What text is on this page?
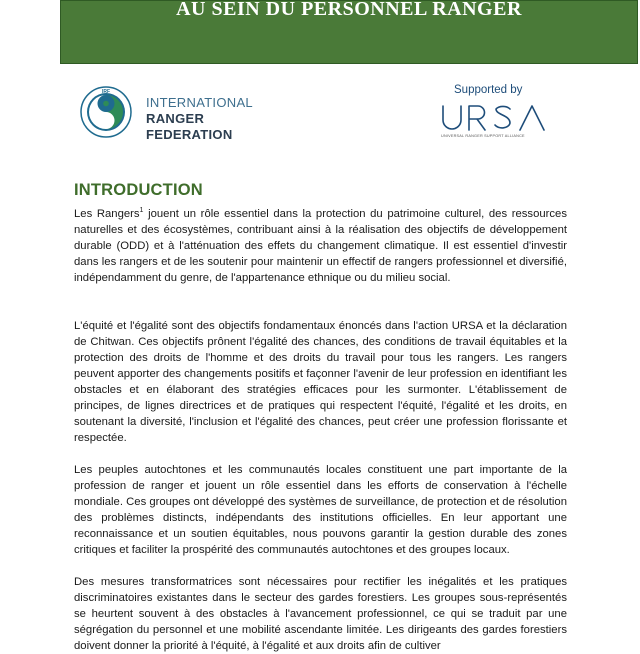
AU SEIN DU PERSONNEL RANGER
IRF
INTERNATIONAL
RANGER
FEDERATION
Supported by
UNIVERSAL RANGER SUPPORT ALLIANCE
INTRODUCTION

Les Rangers$^1$ jouent un rôle essentiel dans la protection du patrimoine culturel, des ressources naturelles et des écosystèmes, contribuant ainsi à la réalisation des objectifs de développement durable (ODD) et à l'atténuation des effets du changement climatique. Il est essentiel d'investir dans les rangers et de les soutenir pour maintenir un effectif de rangers professionnel et diversifié, indépendamment du genre, de l'appartenance ethnique ou du milieu social.

L'équité et l'égalité sont des objectifs fondamentaux énoncés dans l'action URSA et la déclaration de Chitwan. Ces objectifs prônent l'égalité des chances, des conditions de travail équitables et la protection des droits de l'homme et des droits du travail pour tous les rangers. Les rangers peuvent apporter des changements positifs et façonner l'avenir de leur profession en identifiant les obstacles et en élaborant des stratégies efficaces pour les surmonter. L'établissement de principes, de lignes directrices et de pratiques qui respectent l'équité, l'égalité et les droits, en soutenant la diversité, l'inclusion et l'égalité des chances, peut créer une profession florissante et respectée.

Les peuples autochtones et les communautés locales constituent une part importante de la profession de ranger et jouent un rôle essentiel dans les efforts de conservation à l'échelle mondiale. Ces groupes ont développé des systèmes de surveillance, de protection et de résolution des problèmes distincts, indépendants des institutions officielles. En leur apportant une reconnaissance et un soutien équitables, nous pouvons garantir la gestion durable des zones critiques et faciliter la prospérité des communautés autochtones et des groupes locaux.

Des mesures transformatrices sont nécessaires pour rectifier les inégalités et les pratiques discriminatoires existantes dans le secteur des gardes forestiers. Les groupes sous-représentés se heurtent souvent à des obstacles à l'avancement professionnel, ce qui se traduit par une ségrégation du personnel et une mobilité ascendante limitée. Les dirigeants des gardes forestiers doivent donner la priorité à l'équité, à l'égalité et aux droits afin de cultiver
